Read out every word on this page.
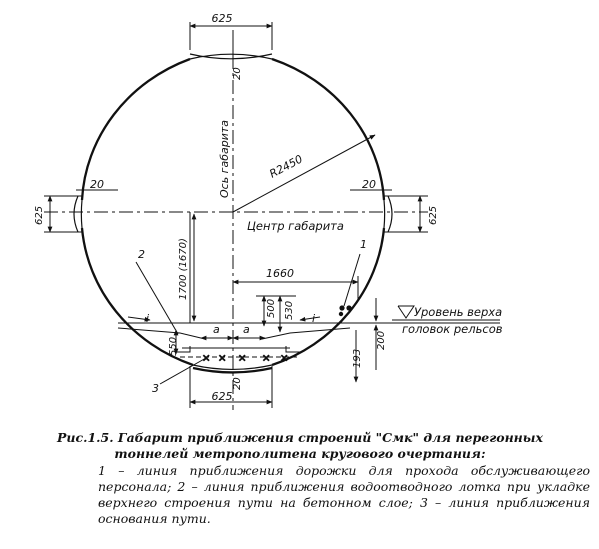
× × × × ×
625
20
625
20
625
20
R2450
1700 (1670)	1660
500 530
550
193
200
625
20
a a
i	i
Ось габарита
Центр габарита
Уровень верха
головок рельсов
1
2
3
Рис.1.5. Габарит приближения строений "Смк" для перегонных тоннелей метрополитена кругового очертания:
1 – линия приближения дорожки для прохода обслуживающего персонала; 2 – линия приближения водоотводного лотка при укладке верхнего строения пути на бетонном слое; 3 – линия приближения основания пути.
